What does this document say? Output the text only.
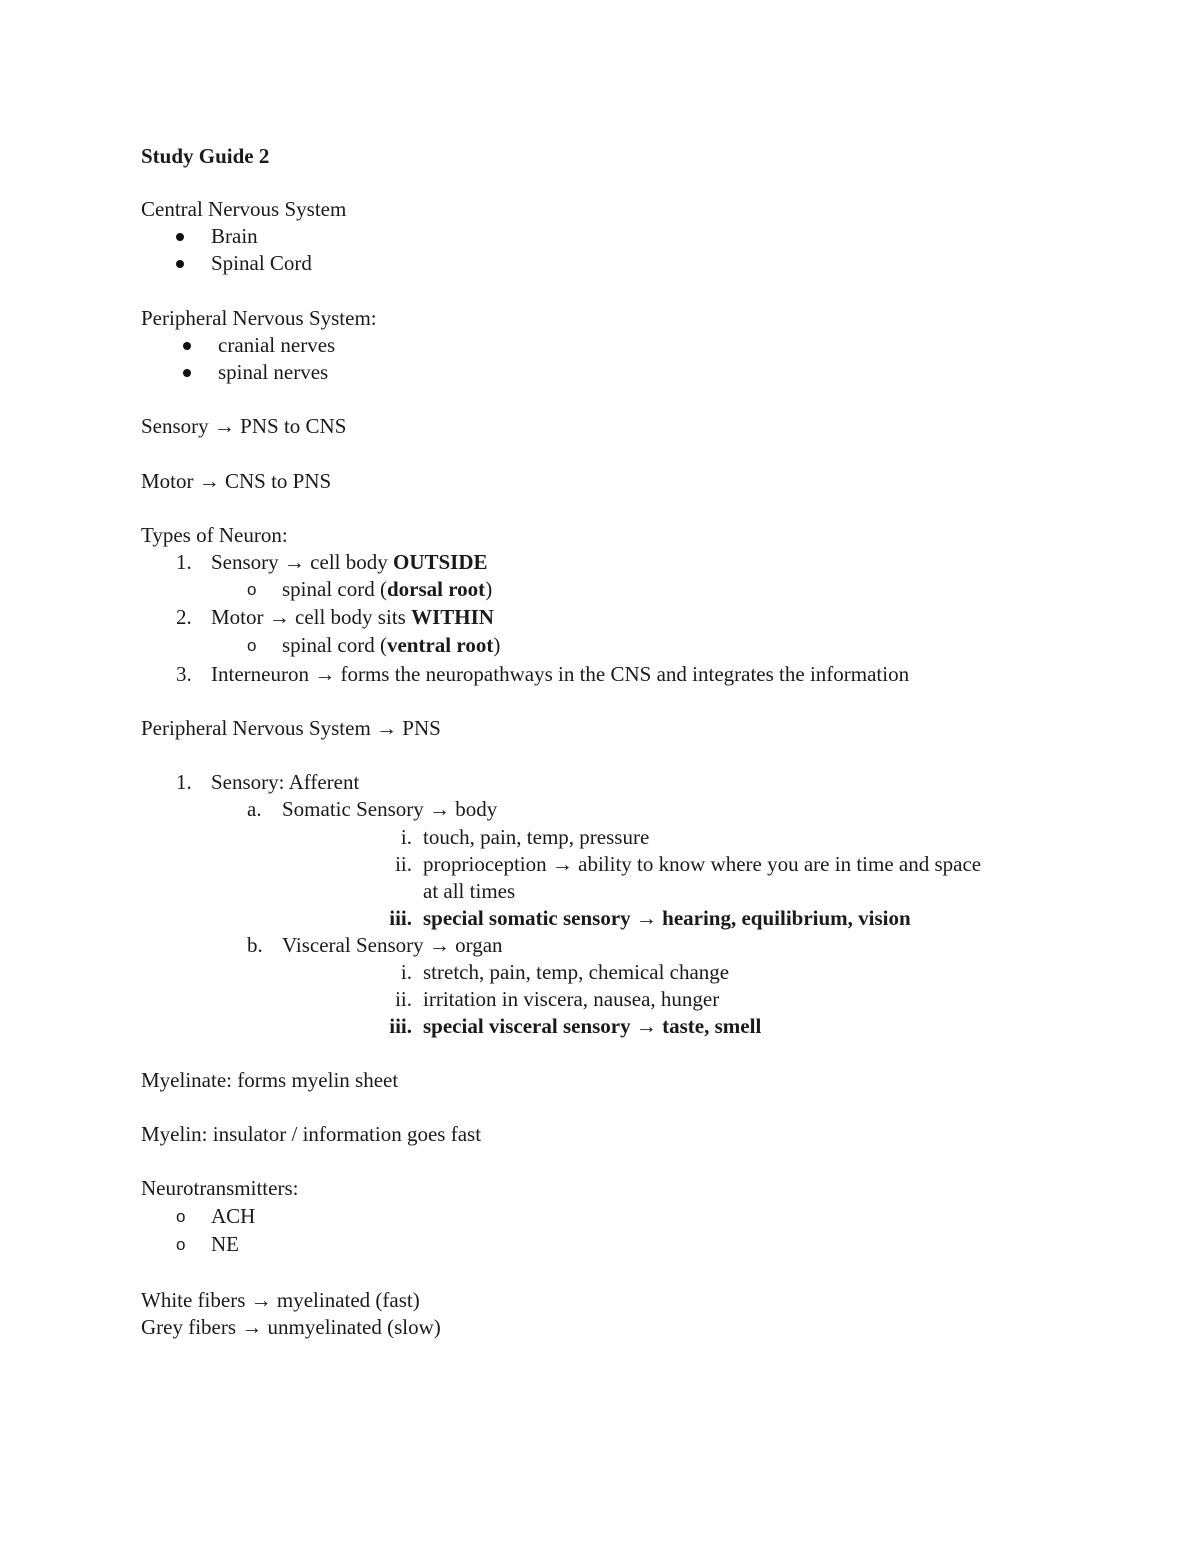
Study Guide 2
Central Nervous System
Brain
Spinal Cord
Peripheral Nervous System:
cranial nerves
spinal nerves
Sensory → PNS to CNS
Motor → CNS to PNS
Types of Neuron:
1. Sensory → cell body OUTSIDE
o spinal cord (dorsal root)
2. Motor → cell body sits WITHIN
o spinal cord (ventral root)
3. Interneuron → forms the neuropathways in the CNS and integrates the information
Peripheral Nervous System → PNS
1. Sensory: Afferent
a. Somatic Sensory → body
i. touch, pain, temp, pressure
ii. proprioception → ability to know where you are in time and space
at all times
iii. special somatic sensory → hearing, equilibrium, vision
b. Visceral Sensory → organ
i. stretch, pain, temp, chemical change
ii. irritation in viscera, nausea, hunger
iii. special visceral sensory → taste, smell
Myelinate: forms myelin sheet
Myelin: insulator / information goes fast
Neurotransmitters:
o ACH
o NE
White fibers → myelinated (fast)
Grey fibers → unmyelinated (slow)
